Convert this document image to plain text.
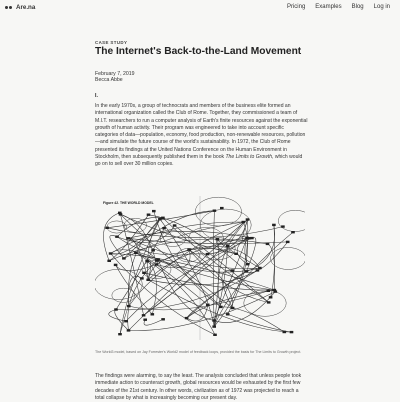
Are.na	Pricing Examples Blog Log in
CASE STUDY
The Internet's Back-to-the-Land Movement
February 7, 2019
Becca Abbe
I.
In the early 1970s, a group of technocrats and members of the business elite formed an international organization called the Club of Rome. Together, they commissioned a team of M.I.T. researchers to run a computer analysis of Earth's finite resources against the exponential growth of human activity. Their program was engineered to take into account specific categories of data—population, economy, food production, non-renewable resources, pollution—and simulate the future course of the world's sustainability. In 1972, the Club of Rome presented its findings at the United Nations Conference on the Human Environment in Stockholm, then subsequently published them in the book The Limits to Growth, which would go on to sell over 30 million copies.
Figure 42. THE WORLD MODEL
The World3 model, based on Jay Forrester's World2 model of feedback loops, provided the basis for The Limits to Growth project.
The findings were alarming, to say the least. The analysis concluded that unless people took immediate action to counteract growth, global resources would be exhausted by the first few decades of the 21st century. In other words, civilization as of 1972 was projected to reach a total collapse by what is increasingly becoming our present day.
